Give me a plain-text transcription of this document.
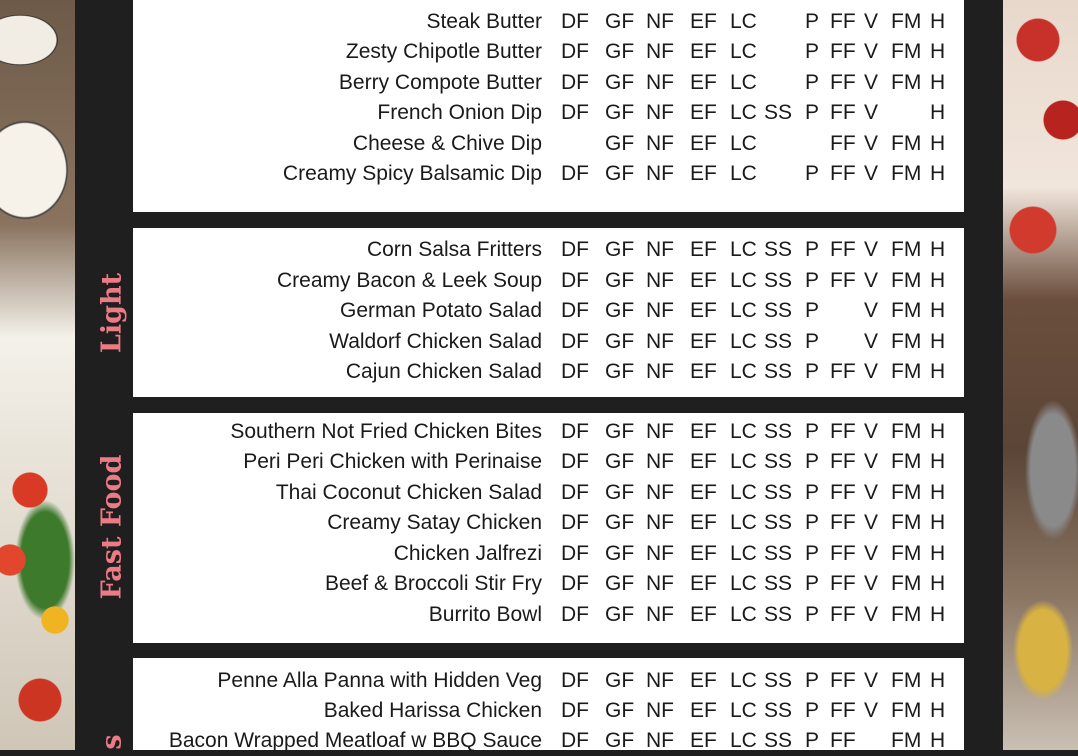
Light
Fast Food
s
Steak Butter DF GF NF EF LC P FF V FM H
Zesty Chipotle Butter DF GF NF EF LC P FF V FM H
Berry Compote Butter DF GF NF EF LC P FF V FM H
French Onion Dip DF GF NF EF LC SS P FF V H
Cheese & Chive Dip	GF NF EF LC	FF V FM H
Creamy Spicy Balsamic Dip DF GF NF EF LC P FF V FM H
Corn Salsa Fritters DF GF NF EF LC SS P FF V FM H
Creamy Bacon & Leek Soup DF GF NF EF LC SS P FF V FM H
German Potato Salad DF GF NF EF LC SS P V FM H
Waldorf Chicken Salad DF GF NF EF LC SS P V FM H
Cajun Chicken Salad DF GF NF EF LC SS P FF V FM H
Southern Not Fried Chicken Bites DF GF NF EF LC SS P FF V FM H
Peri Peri Chicken with Perinaise DF GF NF EF LC SS P FF V FM H
Thai Coconut Chicken Salad DF GF NF EF LC SS P FF V FM H
Creamy Satay Chicken DF GF NF EF LC SS P FF V FM H
Chicken Jalfrezi DF GF NF EF LC SS P FF V FM H
Beef & Broccoli Stir Fry DF GF NF EF LC SS P FF V FM H
Burrito Bowl DF GF NF EF LC SS P FF V FM H
Penne Alla Panna with Hidden Veg DF GF NF EF LC SS P FF V FM H
Baked Harissa Chicken DF GF NF EF LC SS P FF V FM H
Bacon Wrapped Meatloaf w BBQ Sauce DF GF NF EF LC SS P FF FM H
